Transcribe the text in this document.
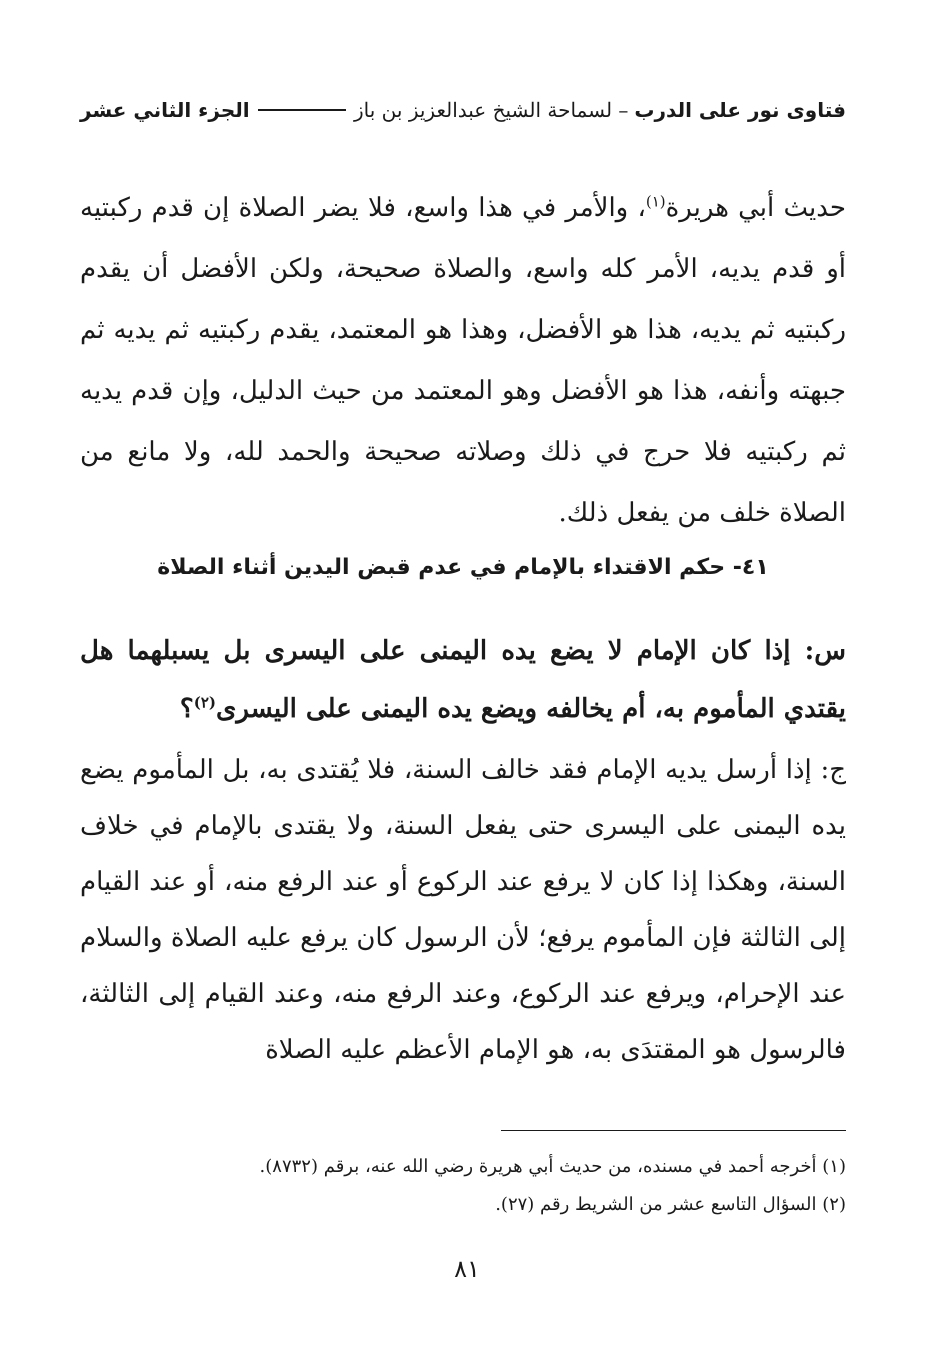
فتاوى نور على الدرب
– لسماحة الشيخ عبدالعزيز بن باز
الجزء الثاني عشر
حديث أبي هريرة$^{(١)}$، والأمر في هذا واسع، فلا يضر الصلاة إن قدم ركبتيه أو قدم يديه، الأمر كله واسع، والصلاة صحيحة، ولكن الأفضل أن يقدم ركبتيه ثم يديه، هذا هو الأفضل، وهذا هو المعتمد، يقدم ركبتيه ثم يديه ثم جبهته وأنفه، هذا هو الأفضل وهو المعتمد من حيث الدليل، وإن قدم يديه ثم ركبتيه فلا حرج في ذلك وصلاته صحيحة والحمد لله، ولا مانع من الصلاة خلف من يفعل ذلك.
٤١- حكم الاقتداء بالإمام في عدم قبض اليدين أثناء الصلاة
س: إذا كان الإمام لا يضع يده اليمنى على اليسرى بل يسبلهما هل يقتدي المأموم به، أم يخالفه ويضع يده اليمنى على اليسرى$^{(٢)}$؟
ج: إذا أرسل يديه الإمام فقد خالف السنة، فلا يُقتدى به، بل المأموم يضع يده اليمنى على اليسرى حتى يفعل السنة، ولا يقتدى بالإمام في خلاف السنة، وهكذا إذا كان لا يرفع عند الركوع أو عند الرفع منه، أو عند القيام إلى الثالثة فإن المأموم يرفع؛ لأن الرسول كان يرفع عليه الصلاة والسلام عند الإحرام، ويرفع عند الركوع، وعند الرفع منه، وعند القيام إلى الثالثة، فالرسول هو المقتدَى به، هو الإمام الأعظم عليه الصلاة

(١) أخرجه أحمد في مسنده، من حديث أبي هريرة رضي الله عنه، برقم (٨٧٣٢).

(٢) السؤال التاسع عشر من الشريط رقم (٢٧).

٨١
